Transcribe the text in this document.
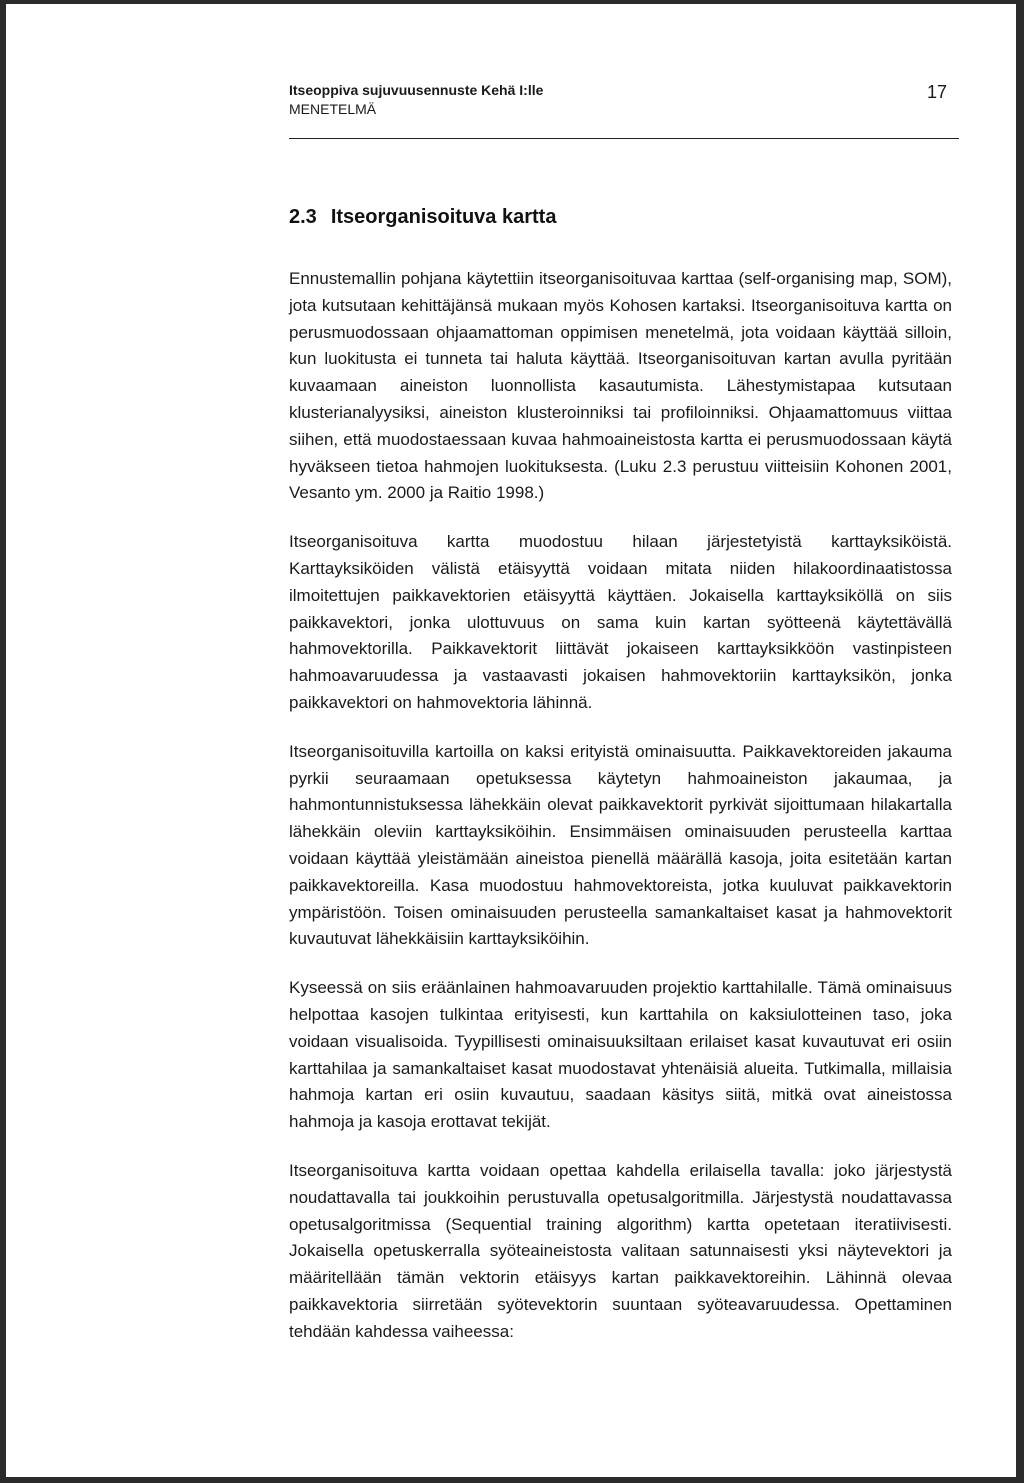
Itseoppiva sujuvuusennuste Kehä I:lle
MENETELMÄ
17
2.3 Itseorganisoituva kartta

Ennustemallin pohjana käytettiin itseorganisoituvaa karttaa (self-organising map, SOM), jota kutsutaan kehittäjänsä mukaan myös Kohosen kartaksi. Itseorganisoituva kartta on perusmuodossaan ohjaamattoman oppimisen menetelmä, jota voidaan käyttää silloin, kun luokitusta ei tunneta tai haluta käyttää. Itseorganisoituvan kartan avulla pyritään kuvaamaan aineiston luonnollista kasautumista. Lähestymistapaa kutsutaan klusterianalyysiksi, aineiston klusteroinniksi tai profiloinniksi. Ohjaamattomuus viittaa siihen, että muodostaessaan kuvaa hahmoaineistosta kartta ei perusmuodossaan käytä hyväkseen tietoa hahmojen luokituksesta. (Luku 2.3 perustuu viitteisiin Kohonen 2001, Vesanto ym. 2000 ja Raitio 1998.)

Itseorganisoituva kartta muodostuu hilaan järjestetyistä karttayksiköistä. Karttayksiköiden välistä etäisyyttä voidaan mitata niiden hilakoordinaatistossa ilmoitettujen paikkavektorien etäisyyttä käyttäen. Jokaisella karttayksiköllä on siis paikkavektori, jonka ulottuvuus on sama kuin kartan syötteenä käytettävällä hahmovektorilla. Paikkavektorit liittävät jokaiseen karttayksikköön vastinpisteen hahmoavaruudessa ja vastaavasti jokaisen hahmovektoriin karttayksikön, jonka paikkavektori on hahmovektoria lähinnä.

Itseorganisoituvilla kartoilla on kaksi erityistä ominaisuutta. Paikkavektoreiden jakauma pyrkii seuraamaan opetuksessa käytetyn hahmoaineiston jakaumaa, ja hahmontunnistuksessa lähekkäin olevat paikkavektorit pyrkivät sijoittumaan hilakartalla lähekkäin oleviin karttayksiköihin. Ensimmäisen ominaisuuden perusteella karttaa voidaan käyttää yleistämään aineistoa pienellä määrällä kasoja, joita esitetään kartan paikkavektoreilla. Kasa muodostuu hahmovektoreista, jotka kuuluvat paikkavektorin ympäristöön. Toisen ominaisuuden perusteella samankaltaiset kasat ja hahmovektorit kuvautuvat lähekkäisiin karttayksiköihin.

Kyseessä on siis eräänlainen hahmoavaruuden projektio karttahilalle. Tämä ominaisuus helpottaa kasojen tulkintaa erityisesti, kun karttahila on kaksiulotteinen taso, joka voidaan visualisoida. Tyypillisesti ominaisuuksiltaan erilaiset kasat kuvautuvat eri osiin karttahilaa ja samankaltaiset kasat muodostavat yhtenäisiä alueita. Tutkimalla, millaisia hahmoja kartan eri osiin kuvautuu, saadaan käsitys siitä, mitkä ovat aineistossa hahmoja ja kasoja erottavat tekijät.

Itseorganisoituva kartta voidaan opettaa kahdella erilaisella tavalla: joko järjestystä noudattavalla tai joukkoihin perustuvalla opetusalgoritmilla. Järjestystä noudattavassa opetusalgoritmissa (Sequential training algorithm) kartta opetetaan iteratiivisesti. Jokaisella opetuskerralla syöteaineistosta valitaan satunnaisesti yksi näytevektori ja määritellään tämän vektorin etäisyys kartan paikkavektoreihin. Lähinnä olevaa paikkavektoria siirretään syötevektorin suuntaan syöteavaruudessa. Opettaminen tehdään kahdessa vaiheessa:
